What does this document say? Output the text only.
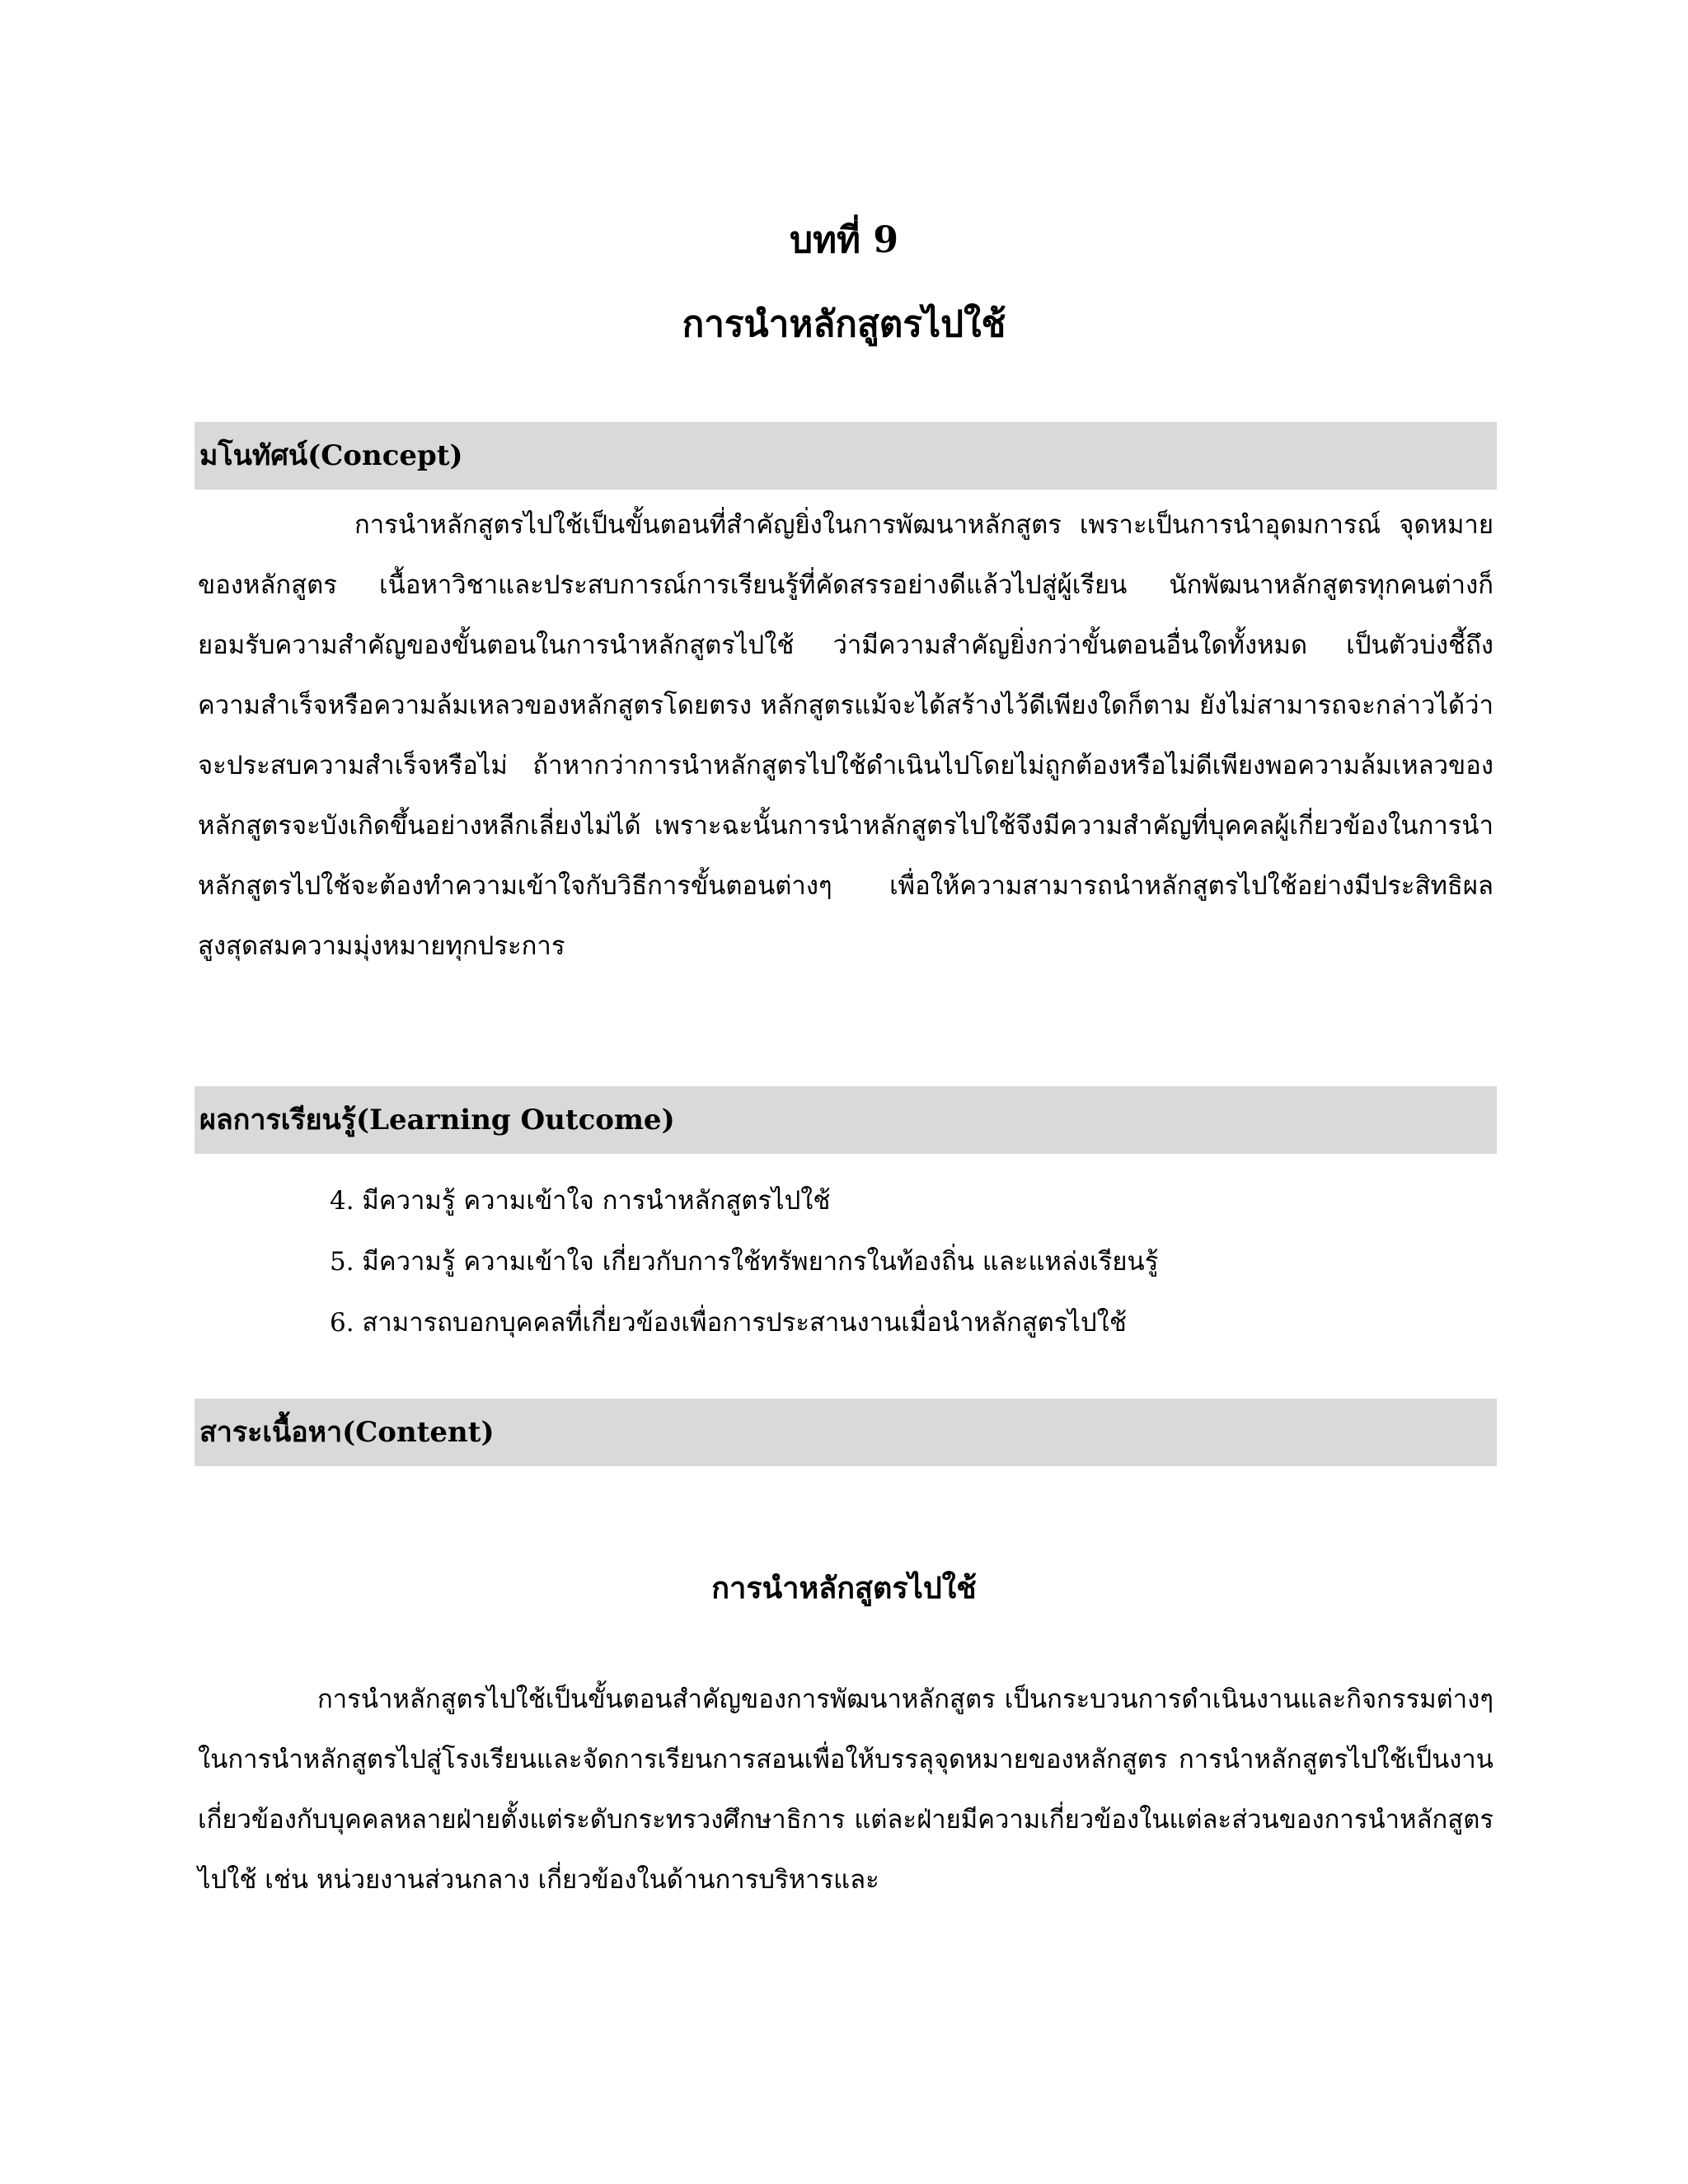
บทที่ 9
การนำหลักสูตรไปใช้
มโนทัศน์(Concept)

การนำหลักสูตรไปใช้เป็นขั้นตอนที่สำคัญยิ่งในการพัฒนาหลักสูตร เพราะเป็นการนำอุดมการณ์ จุดหมายของหลักสูตร เนื้อหาวิชาและประสบการณ์การเรียนรู้ที่คัดสรรอย่างดีแล้วไปสู่ผู้เรียน นักพัฒนาหลักสูตรทุกคนต่างก็ยอมรับความสำคัญของขั้นตอนในการนำหลักสูตรไปใช้ ว่ามีความสำคัญยิ่งกว่าขั้นตอนอื่นใดทั้งหมด เป็นตัวบ่งชี้ถึงความสำเร็จหรือความล้มเหลวของหลักสูตรโดยตรง หลักสูตรแม้จะได้สร้างไว้ดีเพียงใดก็ตาม ยังไม่สามารถจะกล่าวได้ว่าจะประสบความสำเร็จหรือไม่ ถ้าหากว่าการนำหลักสูตรไปใช้ดำเนินไปโดยไม่ถูกต้องหรือไม่ดีเพียงพอความล้มเหลวของหลักสูตรจะบังเกิดขึ้นอย่างหลีกเลี่ยงไม่ได้ เพราะฉะนั้นการนำหลักสูตรไปใช้จึงมีความสำคัญที่บุคคลผู้เกี่ยวข้องในการนำหลักสูตรไปใช้จะต้องทำความเข้าใจกับวิธีการขั้นตอนต่างๆ เพื่อให้ความสามารถนำหลักสูตรไปใช้อย่างมีประสิทธิผลสูงสุดสมความมุ่งหมายทุกประการ

ผลการเรียนรู้(Learning Outcome)
4. มีความรู้ ความเข้าใจ การนำหลักสูตรไปใช้
5. มีความรู้ ความเข้าใจ เกี่ยวกับการใช้ทรัพยากรในท้องถิ่น และแหล่งเรียนรู้
6. สามารถบอกบุคคลที่เกี่ยวข้องเพื่อการประสานงานเมื่อนำหลักสูตรไปใช้
สาระเนื้อหา(Content)
การนำหลักสูตรไปใช้

การนำหลักสูตรไปใช้เป็นขั้นตอนสำคัญของการพัฒนาหลักสูตร เป็นกระบวนการดำเนินงานและกิจกรรมต่างๆ ในการนำหลักสูตรไปสู่โรงเรียนและจัดการเรียนการสอนเพื่อให้บรรลุจุดหมายของหลักสูตร การนำหลักสูตรไปใช้เป็นงานเกี่ยวข้องกับบุคคลหลายฝ่ายตั้งแต่ระดับกระทรวงศึกษาธิการ แต่ละฝ่ายมีความเกี่ยวข้องในแต่ละส่วนของการนำหลักสูตรไปใช้ เช่น หน่วยงานส่วนกลาง เกี่ยวข้องในด้านการบริหารและ
